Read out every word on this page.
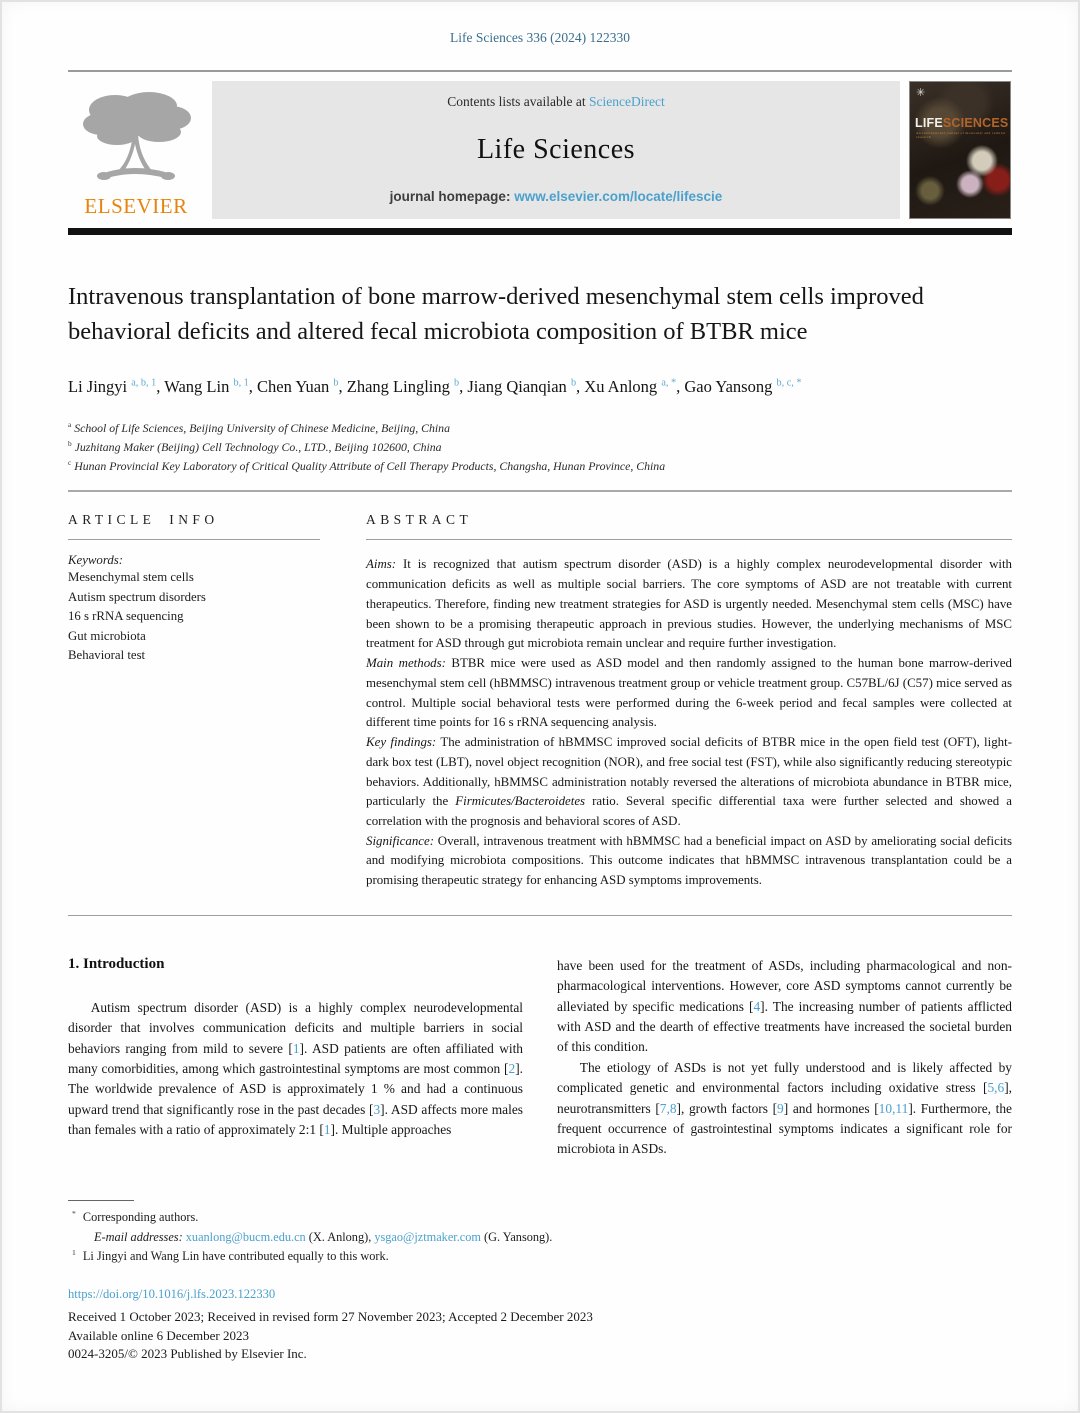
Life Sciences 336 (2024) 122330
ELSEVIER
Contents lists available at ScienceDirect
Life Sciences
journal homepage: www.elsevier.com/locate/lifescie
✳
LIFESCIENCES
An international journal of molecular and cellular research
Intravenous transplantation of bone marrow-derived mesenchymal stem cells improved behavioral deficits and altered fecal microbiota composition of BTBR mice
Li Jingyi $^{a, b, 1}$, Wang Lin $^{b, 1}$, Chen Yuan $^b$, Zhang Lingling $^b$, Jiang Qianqian $^b$, Xu Anlong $^{a, *}$, Gao Yansong $^{b, c, *}$
$^a$ School of Life Sciences, Beijing University of Chinese Medicine, Beijing, China
$^b$ Juzhitang Maker (Beijing) Cell Technology Co., LTD., Beijing 102600, China
$^c$ Hunan Provincial Key Laboratory of Critical Quality Attribute of Cell Therapy Products, Changsha, Hunan Province, China
ARTICLE INFO
Keywords:
Mesenchymal stem cells
Autism spectrum disorders
16 s rRNA sequencing
Gut microbiota
Behavioral test
ABSTRACT

Aims: It is recognized that autism spectrum disorder (ASD) is a highly complex neurodevelopmental disorder with communication deficits as well as multiple social barriers. The core symptoms of ASD are not treatable with current therapeutics. Therefore, finding new treatment strategies for ASD is urgently needed. Mesenchymal stem cells (MSC) have been shown to be a promising therapeutic approach in previous studies. However, the underlying mechanisms of MSC treatment for ASD through gut microbiota remain unclear and require further investigation.

Main methods: BTBR mice were used as ASD model and then randomly assigned to the human bone marrow-derived mesenchymal stem cell (hBMMSC) intravenous treatment group or vehicle treatment group. C57BL/6J (C57) mice served as control. Multiple social behavioral tests were performed during the 6-week period and fecal samples were collected at different time points for 16 s rRNA sequencing analysis.

Key findings: The administration of hBMMSC improved social deficits of BTBR mice in the open field test (OFT), light-dark box test (LBT), novel object recognition (NOR), and free social test (FST), while also significantly reducing stereotypic behaviors. Additionally, hBMMSC administration notably reversed the alterations of microbiota abundance in BTBR mice, particularly the Firmicutes/Bacteroidetes ratio. Several specific differential taxa were further selected and showed a correlation with the prognosis and behavioral scores of ASD.

Significance: Overall, intravenous treatment with hBMMSC had a beneficial impact on ASD by ameliorating social deficits and modifying microbiota compositions. This outcome indicates that hBMMSC intravenous transplantation could be a promising therapeutic strategy for enhancing ASD symptoms improvements.

1. Introduction

Autism spectrum disorder (ASD) is a highly complex neurodevelopmental disorder that involves communication deficits and multiple barriers in social behaviors ranging from mild to severe [1]. ASD patients are often affiliated with many comorbidities, among which gastrointestinal symptoms are most common [2]. The worldwide prevalence of ASD is approximately 1 % and had a continuous upward trend that significantly rose in the past decades [3]. ASD affects more males than females with a ratio of approximately 2:1 [1]. Multiple approaches

have been used for the treatment of ASDs, including pharmacological and non-pharmacological interventions. However, core ASD symptoms cannot currently be alleviated by specific medications [4]. The increasing number of patients afflicted with ASD and the dearth of effective treatments have increased the societal burden of this condition.

The etiology of ASDs is not yet fully understood and is likely affected by complicated genetic and environmental factors including oxidative stress [5,6], neurotransmitters [7,8], growth factors [9] and hormones [10,11]. Furthermore, the frequent occurrence of gastrointestinal symptoms indicates a significant role for microbiota in ASDs.

* Corresponding authors.
E-mail addresses: xuanlong@bucm.edu.cn (X. Anlong), ysgao@jztmaker.com (G. Yansong).
$^1$ Li Jingyi and Wang Lin have contributed equally to this work.
https://doi.org/10.1016/j.lfs.2023.122330
Received 1 October 2023; Received in revised form 27 November 2023; Accepted 2 December 2023
Available online 6 December 2023
0024-3205/© 2023 Published by Elsevier Inc.
